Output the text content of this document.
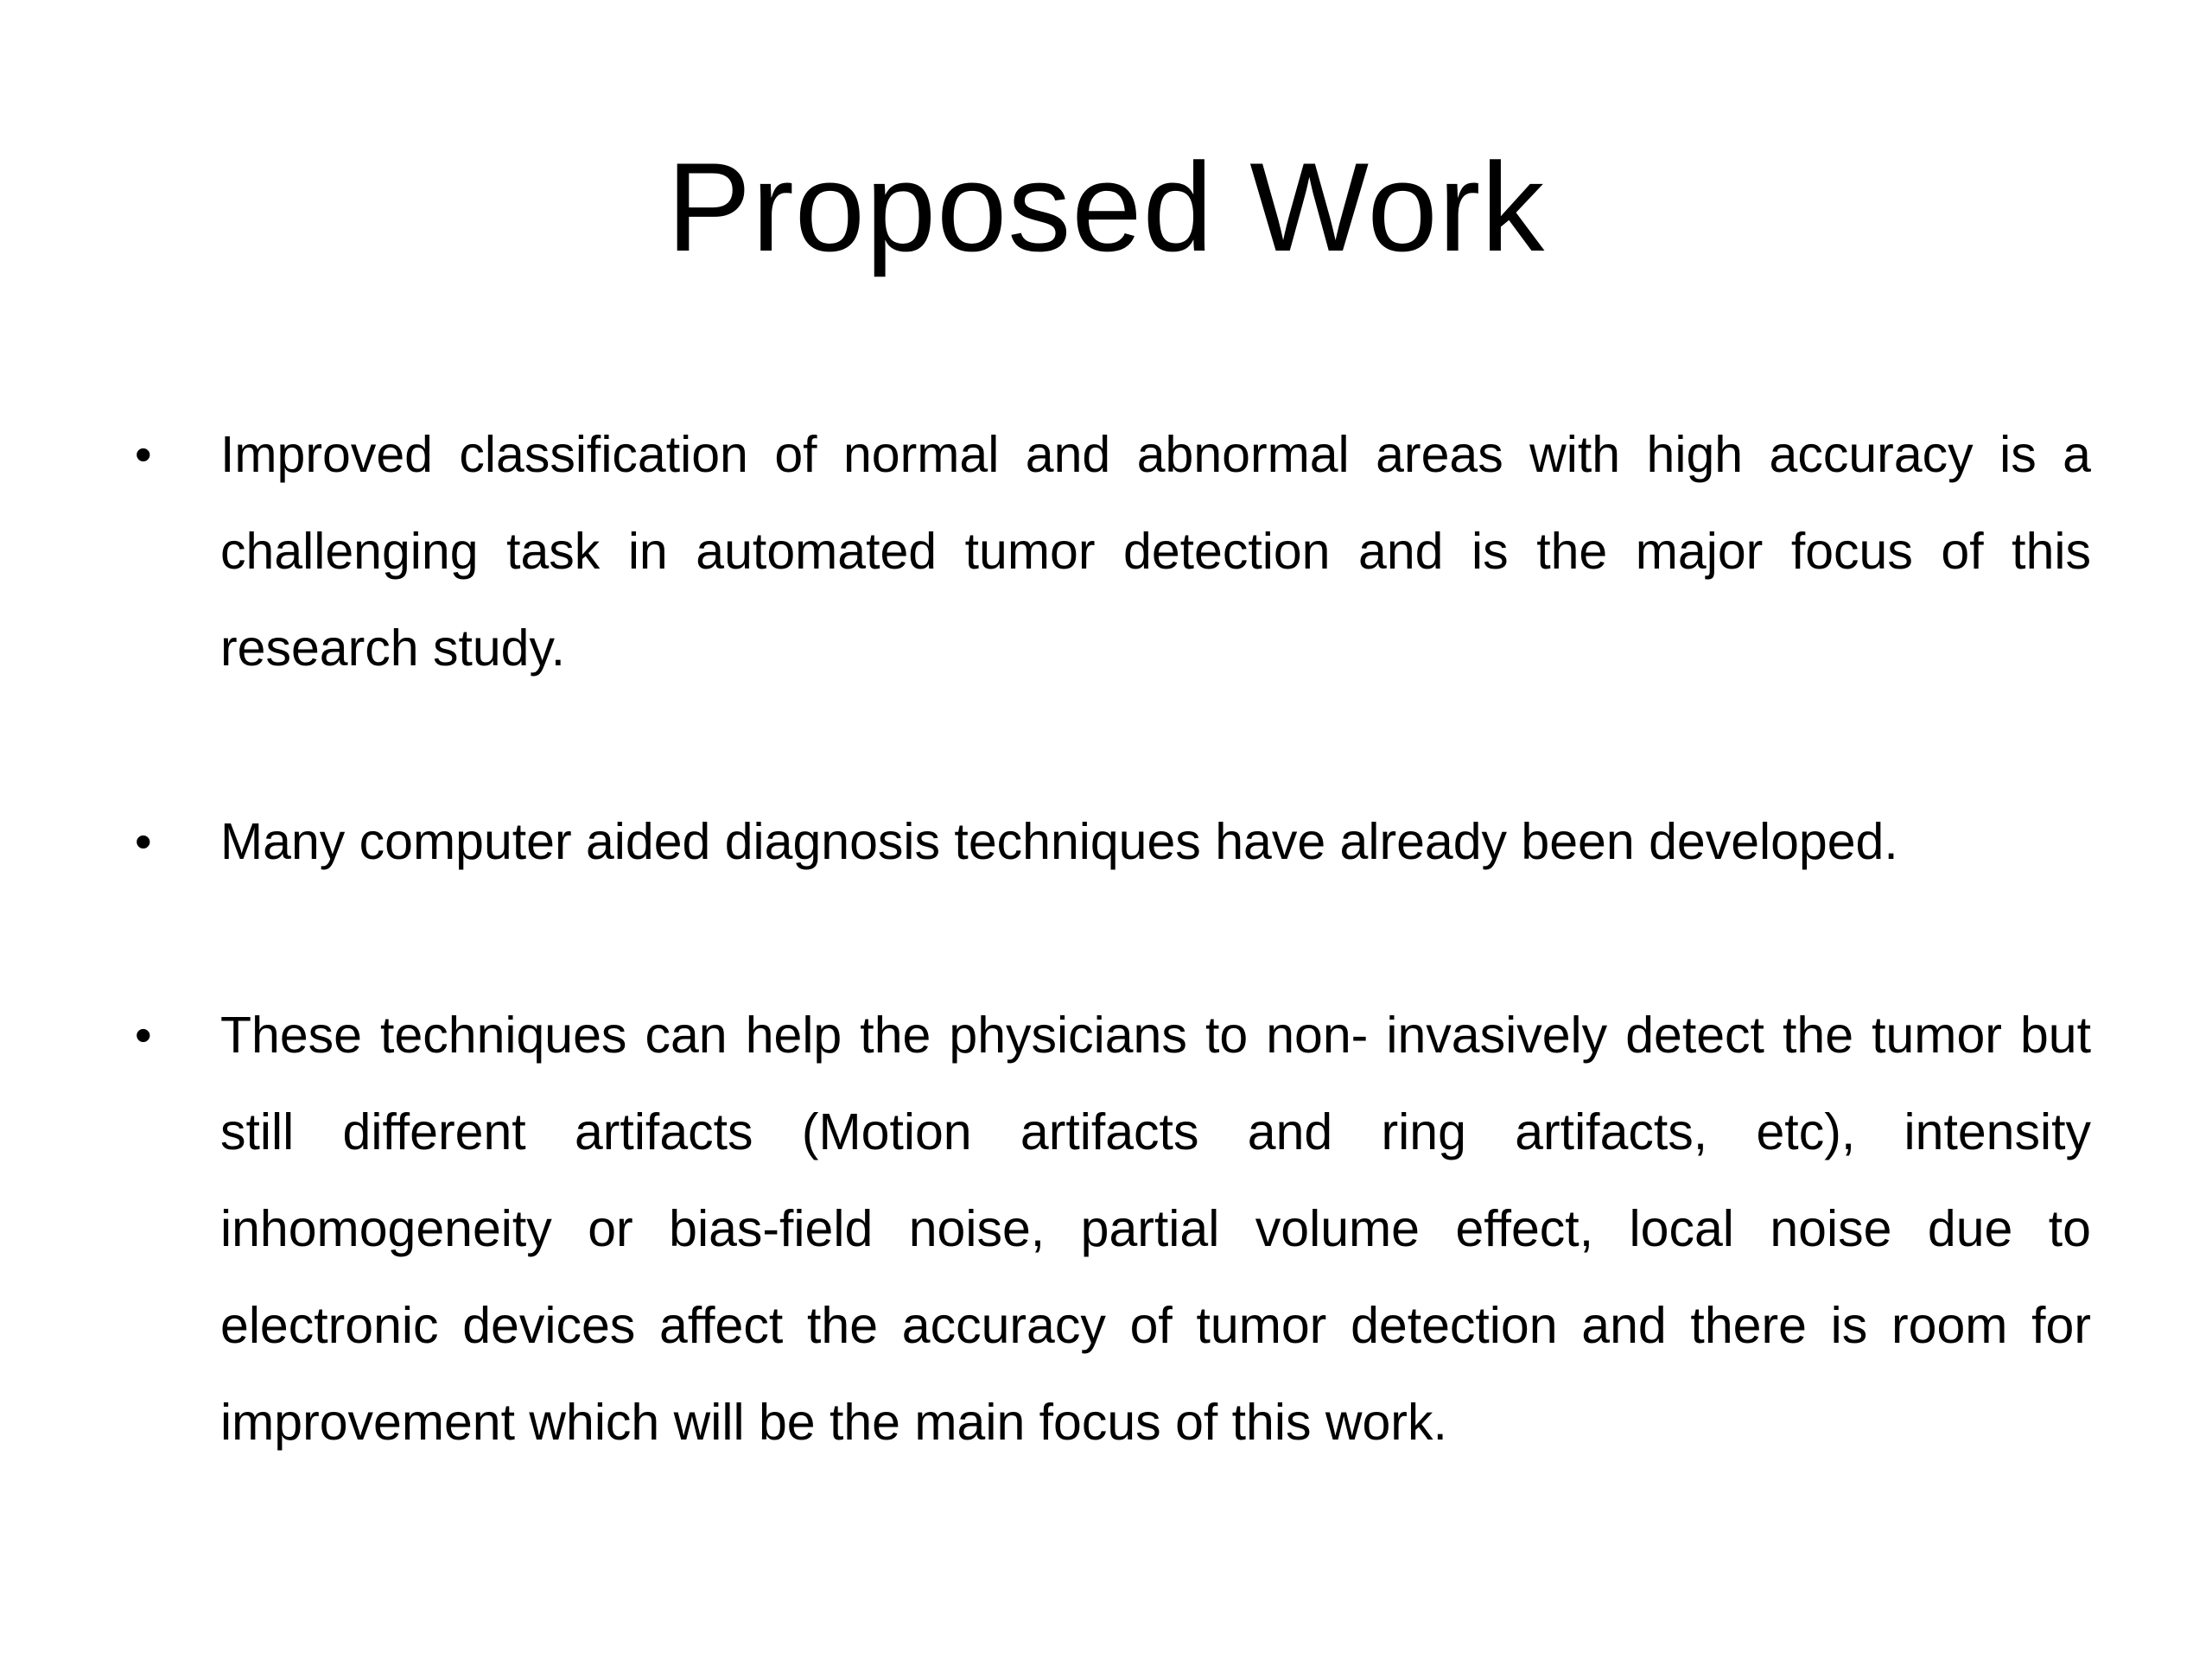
Proposed Work
• Improved classification of normal and abnormal areas with high accuracy is a challenging task in automated tumor detection and is the major focus of this research study.
• Many computer aided diagnosis techniques have already been developed.
• These techniques can help the physicians to non- invasively detect the tumor but still different artifacts (Motion artifacts and ring artifacts, etc), intensity inhomogeneity or bias-field noise, partial volume effect, local noise due to electronic devices affect the accuracy of tumor detection and there is room for improvement which will be the main focus of this work.
